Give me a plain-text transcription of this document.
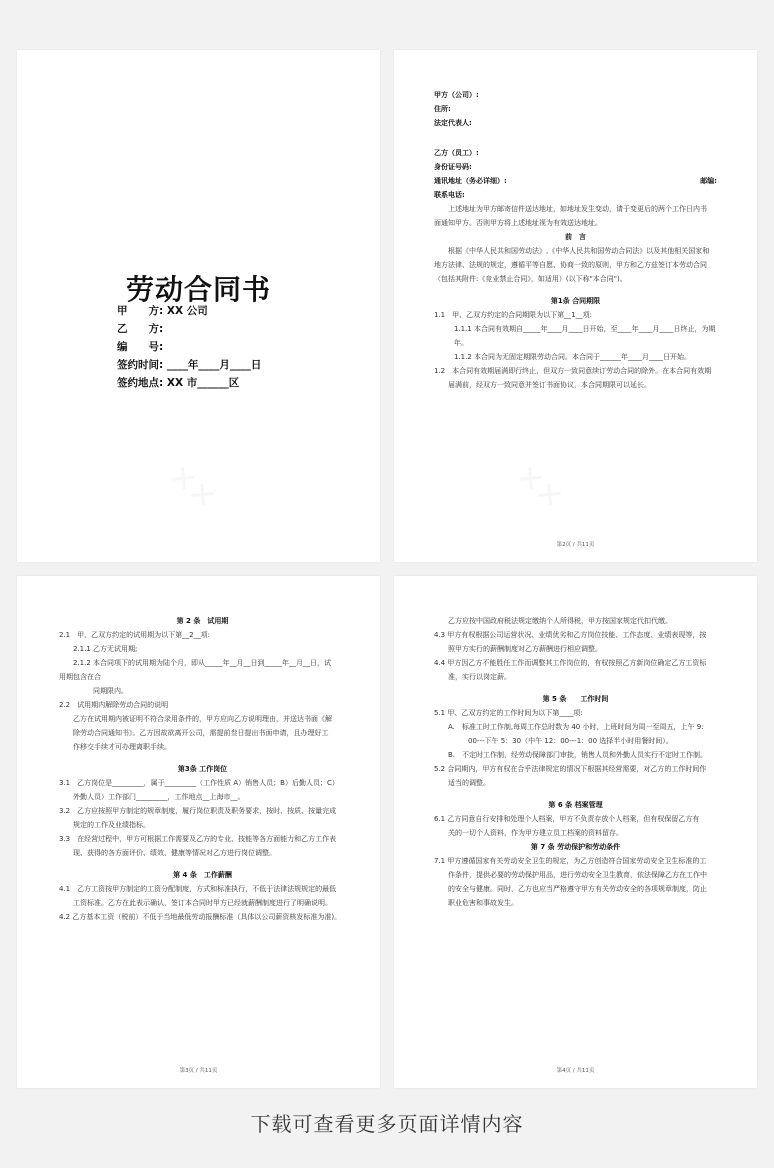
劳动合同书
甲　　方: XX 公司
乙　　方:
编　　号:
签约时间: ____年____月____日
签约地点: XX 市______区
甲方（公司）:
住所:
法定代表人:
乙方（员工）:
身份证号码:
通讯地址（务必详细）:	邮编:
联系电话:
上述地址为甲方邮寄信件送达地址，如地址发生变动，请于变更后的两个工作日内书
面通知甲方。否则甲方将上述地址视为有效送达地址。
前　言
根据《中华人民共和国劳动法》,《中华人民共和国劳动合同法》以及其他相关国家和
地方法律、法规的规定，遵循平等自愿、协商一致的原则，甲方和乙方兹签订本劳动合同
（包括其附件:《竞业禁止合同》，如适用）(以下称"本合同")。
第1条 合同期限
1.1　甲、乙双方约定的合同期限为以下第__1__项:
1.1.1 本合同有效期自_____年____月____日开始，至____年____月____日终止，为期
年。
1.1.2 本合同为无固定期限劳动合同。本合同于______年____月____日开始。
1.2　本合同有效期届满即行终止，但双方一致同意续订劳动合同的除外。在本合同有效期
届满前，经双方一致同意并签订书面协议，本合同期限可以延长。
第2页 / 共11页
第 2 条　试用期
2.1　甲、乙双方约定的试用期为以下第__2__项:
2.1.1 乙方无试用期;
2.1.2 本合同项下的试用期为陆个月，即从_____年__月__日到_____年__月__日，试
用期包含在合
　　同期限内。
2.2　试用期内解除劳动合同的说明
乙方在试用期内被证明不符合录用条件的，甲方应向乙方说明理由，并送达书面《解
除劳动合同通知书》。乙方因故欲离开公司，需提前叁日提出书面申请，且办理好工
作移交手续才可办理离职手续。
第3条 工作岗位
3.1　乙方岗位是_________，属于_________（工作性质 A）销售人员；B）后勤人员；C）
外勤人员）工作部门_________，工作地点__上海市__。
3.2　乙方应按照甲方制定的规章制度，履行岗位职责及职务要求，按时、按质、按量完成
规定的工作及业绩指标。
3.3　在经营过程中，甲方可根据工作需要及乙方的专业、技能等各方面能力和乙方工作表
现、获得的各方面评价、绩效、健康等情况对乙方进行岗位调整。
第 4 条　工作薪酬
4.1　乙方工资按甲方制定的工资分配制度，方式和标准执行，不低于法律法规规定的最低
工资标准。乙方在此表示确认，签订本合同时甲方已经就薪酬制度进行了明确说明。
4.2 乙方基本工资（税前）不低于当地最低劳动报酬标准（具体以公司薪资核发标准为准)。
第3页 / 共11页
乙方应按中国政府税法规定缴纳个人所得税，甲方按国家规定代扣代缴。
4.3 甲方有权根据公司运营状况、业绩优劣和乙方岗位技能、工作态度、业绩表现等，按
照甲方实行的薪酬制度对乙方薪酬进行相应调整。
4.4 甲方因乙方不能胜任工作而调整其工作岗位的，有权按照乙方新岗位确定乙方工资标
准，实行以岗定薪。
第 5 条　　工作时间
5.1 甲、乙双方约定的工作时间为以下第____项:
A.　标准工时工作制,每周工作总时数为 40 小时，上班时间为周一至周五，上午 9:
　　00---下午 5：30（中午 12：00---1：00 选择半小时用餐时间）。
B.　不定时工作制，经劳动保障部门审批，销售人员和外勤人员实行不定时工作制。
5.2 合同期内，甲方有权在合乎法律规定的情况下根据其经营需要，对乙方的工作时间作
适当的调整。
第 6 条 档案管理
6.1 乙方同意自行安排和处理个人档案，甲方不负责存放个人档案，但有权保留乙方有
关的一切个人资料，作为甲方建立员工档案的资料留存。
第 7 条 劳动保护和劳动条件
7.1 甲方遵循国家有关劳动安全卫生的规定，为乙方创造符合国家劳动安全卫生标准的工
作条件，提供必要的劳动保护用品，进行劳动安全卫生教育，依法保障乙方在工作中
的安全与健康。同时，乙方也应当严格遵守甲方有关劳动安全的各项规章制度，防止
职业危害和事故发生。
第4页 / 共11页
下载可查看更多页面详情内容
